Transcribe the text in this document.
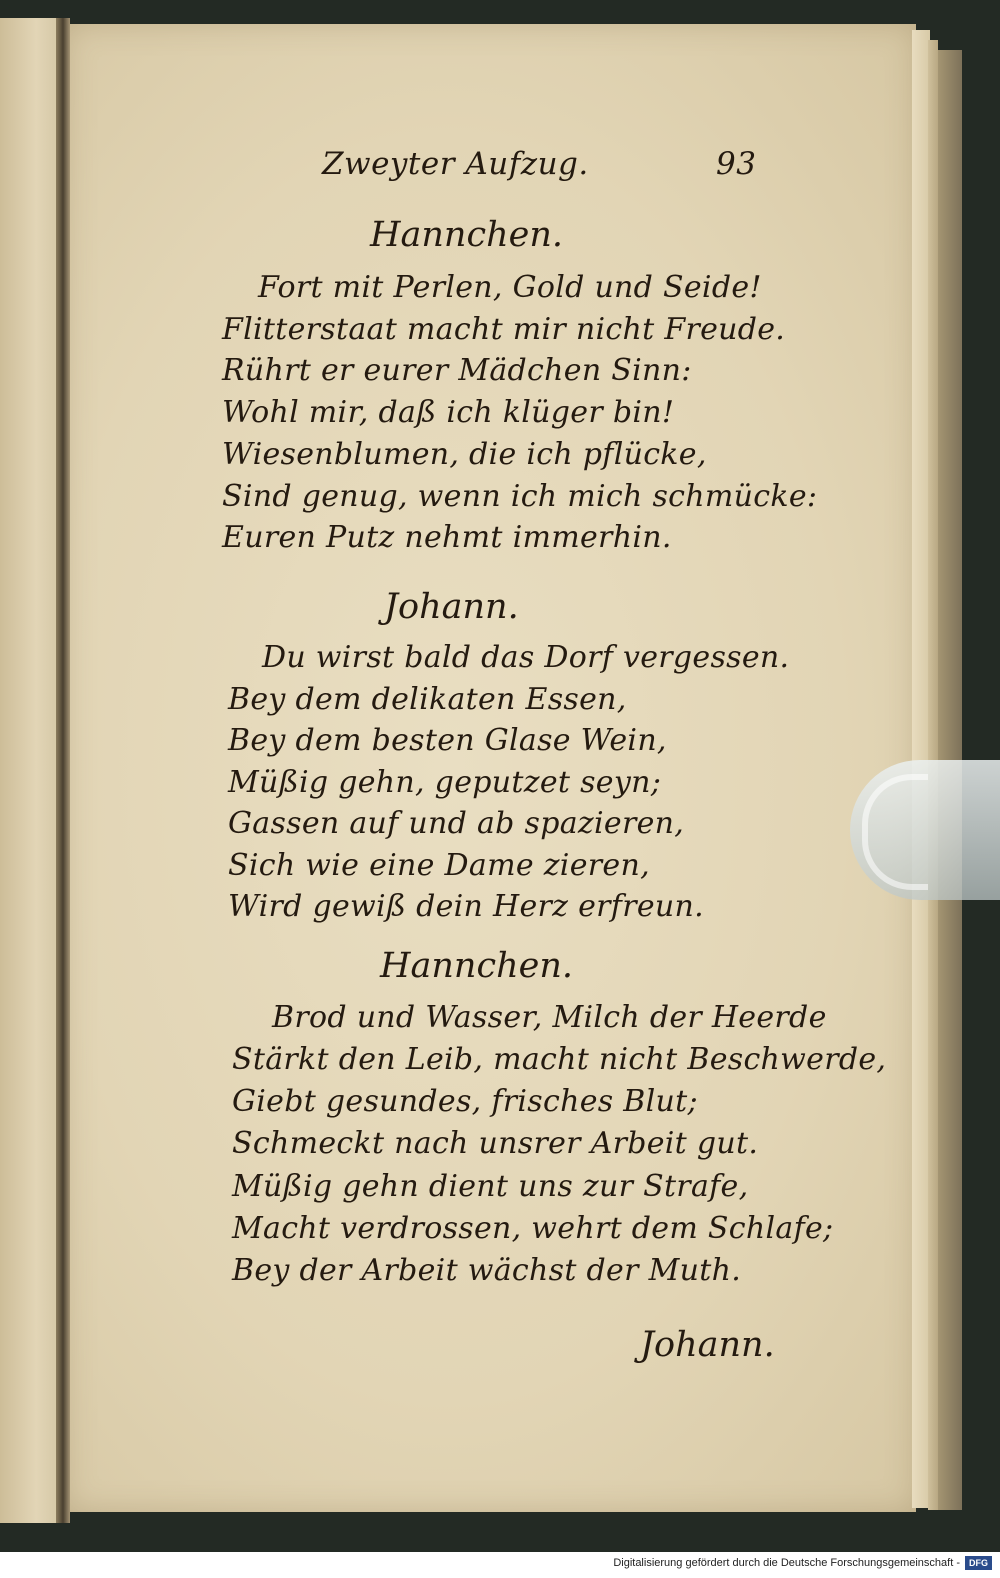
Zweyter Aufzug.	93
Hannchen.
Fort mit Perlen, Gold und Seide!
Flitterstaat macht mir nicht Freude.
Rührt er eurer Mädchen Sinn:
Wohl mir, daß ich klüger bin!
Wiesenblumen, die ich pflücke,
Sind genug, wenn ich mich schmücke:
Euren Putz nehmt immerhin.
Johann.
Du wirst bald das Dorf vergessen.
Bey dem delikaten Essen,
Bey dem besten Glase Wein,
Müßig gehn, geputzet seyn;
Gassen auf und ab spazieren,
Sich wie eine Dame zieren,
Wird gewiß dein Herz erfreun.
Hannchen.
Brod und Wasser, Milch der Heerde
Stärkt den Leib, macht nicht Beschwerde,
Giebt gesundes, frisches Blut;
Schmeckt nach unsrer Arbeit gut.
Müßig gehn dient uns zur Strafe,
Macht verdrossen, wehrt dem Schlafe;
Bey der Arbeit wächst der Muth.
Johann.
Digitalisierung gefördert durch die Deutsche Forschungsgemeinschaft -	DFG
